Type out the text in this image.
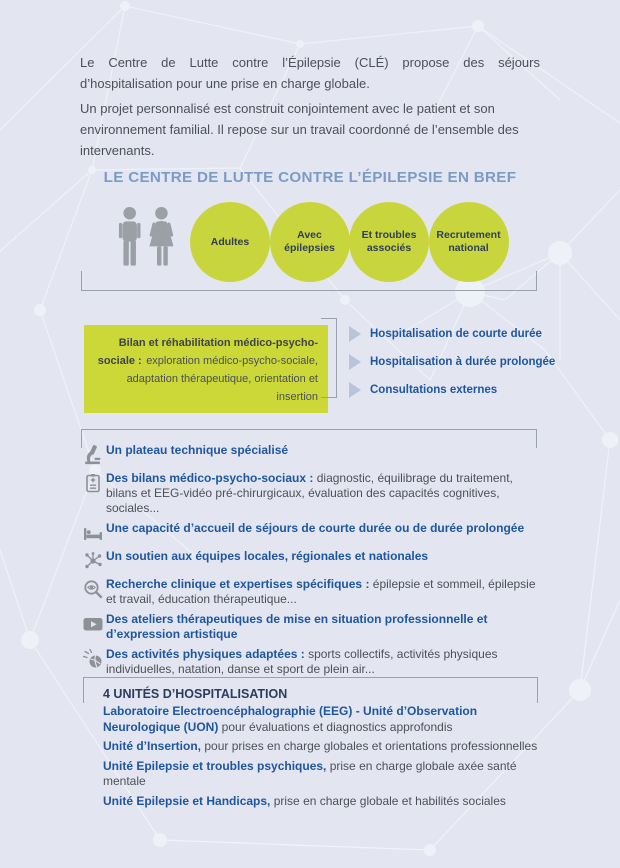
Le Centre de Lutte contre l’Épilepsie (CLÉ) propose des séjours d’hospitalisation pour une prise en charge globale.

Un projet personnalisé est construit conjointement avec le patient et son environnement familial. Il repose sur un travail coordonné de l’ensemble des intervenants.

LE CENTRE DE LUTTE CONTRE L’ÉPILEPSIE EN BREF
Adultes
Avec épilepsies
Et troubles associés
Recrutement national
Bilan et réhabilitation médico-psycho-sociale : exploration médico-psycho-sociale, adaptation thérapeutique, orientation et insertion
Hospitalisation de courte durée
Hospitalisation à durée prolongée
Consultations externes
Un plateau technique spécialisé
Des bilans médico-psycho-sociaux : diagnostic, équilibrage du traitement, bilans et EEG-vidéo pré-chirurgicaux, évaluation des capacités cognitives, sociales...
Une capacité d’accueil de séjours de courte durée ou de durée prolongée
Un soutien aux équipes locales, régionales et nationales
Recherche clinique et expertises spécifiques : épilepsie et sommeil, épilepsie et travail, éducation thérapeutique...
Des ateliers thérapeutiques de mise en situation professionnelle et d’expression artistique
Des activités physiques adaptées : sports collectifs, activités physiques individuelles, natation, danse et sport de plein air...

4 UNITÉS D’HOSPITALISATION

Laboratoire Electroencéphalographie (EEG) - Unité d’Observation Neurologique (UON) pour évaluations et diagnostics approfondis

Unité d’Insertion, pour prises en charge globales et orientations professionnelles

Unité Epilepsie et troubles psychiques, prise en charge globale axée santé mentale

Unité Epilepsie et Handicaps, prise en charge globale et habilités sociales
